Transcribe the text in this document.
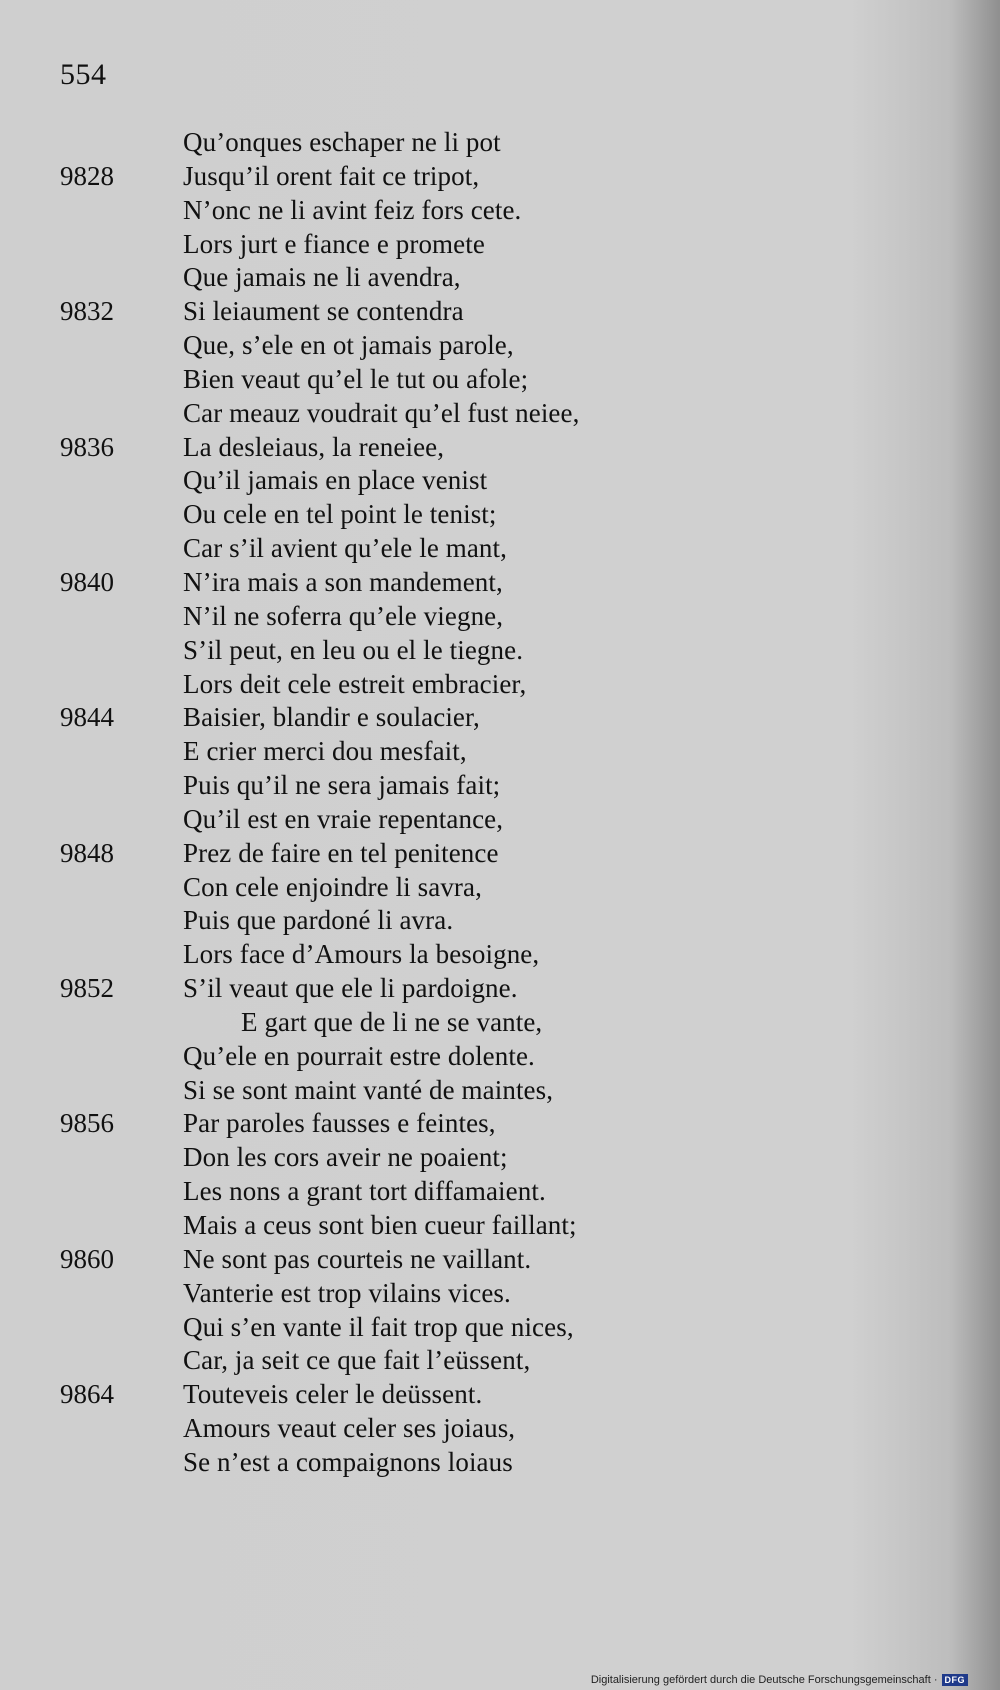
554
Qu’onques eschaper ne li pot
9828	Jusqu’il orent fait ce tripot,
N’onc ne li avint feiz fors cete.
Lors jurt e fiance e promete
Que jamais ne li avendra,
9832	Si leiaument se contendra
Que, s’ele en ot jamais parole,
Bien veaut qu’el le tut ou afole;
Car meauz voudrait qu’el fust neiee,
9836	La desleiaus, la reneiee,
Qu’il jamais en place venist
Ou cele en tel point le tenist;
Car s’il avient qu’ele le mant,
9840	N’ira mais a son mandement,
N’il ne soferra qu’ele viegne,
S’il peut, en leu ou el le tiegne.
Lors deit cele estreit embracier,
9844	Baisier, blandir e soulacier,
E crier merci dou mesfait,
Puis qu’il ne sera jamais fait;
Qu’il est en vraie repentance,
9848	Prez de faire en tel penitence
Con cele enjoindre li savra,
Puis que pardoné li avra.
Lors face d’Amours la besoigne,
9852	S’il veaut que ele li pardoigne.
E gart que de li ne se vante,
Qu’ele en pourrait estre dolente.
Si se sont maint vanté de maintes,
9856	Par paroles fausses e feintes,
Don les cors aveir ne poaient;
Les nons a grant tort diffamaient.
Mais a ceus sont bien cueur faillant;
9860	Ne sont pas courteis ne vaillant.
Vanterie est trop vilains vices.
Qui s’en vante il fait trop que nices,
Car, ja seit ce que fait l’eüssent,
9864	Touteveis celer le deüssent.
Amours veaut celer ses joiaus,
Se n’est a compaignons loiaus
Digitalisierung gefördert durch die Deutsche Forschungsgemeinschaft · DFG
